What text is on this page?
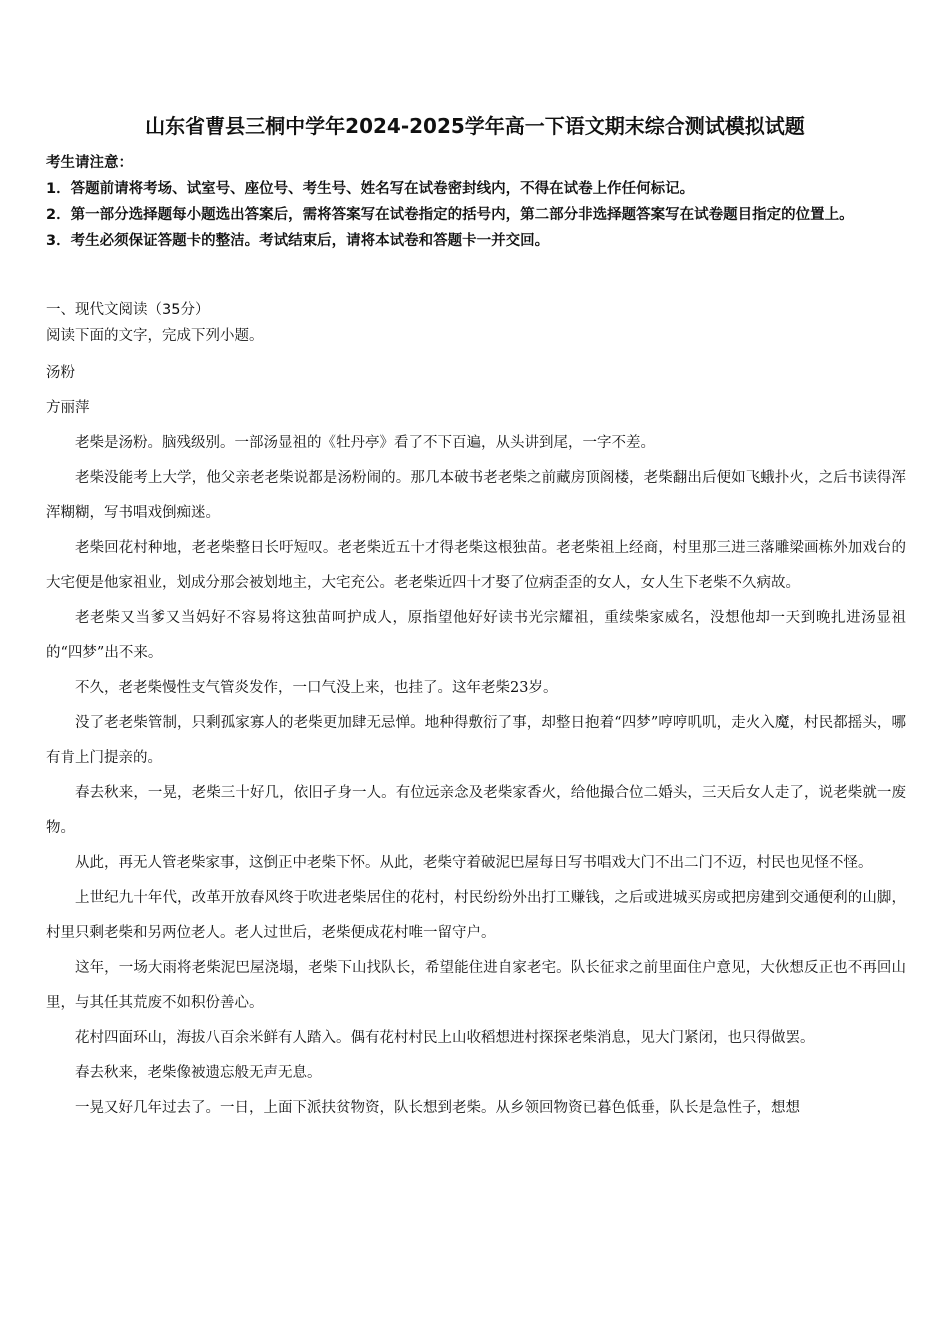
山东省曹县三桐中学年2024-2025学年高一下语文期末综合测试模拟试题

考生请注意：

1．答题前请将考场、试室号、座位号、考生号、姓名写在试卷密封线内，不得在试卷上作任何标记。

2．第一部分选择题每小题选出答案后，需将答案写在试卷指定的括号内，第二部分非选择题答案写在试卷题目指定的位置上。

3．考生必须保证答题卡的整洁。考试结束后，请将本试卷和答题卡一并交回。

一、现代文阅读（35分）

阅读下面的文字，完成下列小题。

汤粉

方丽萍

老柴是汤粉。脑残级别。一部汤显祖的《牡丹亭》看了不下百遍，从头讲到尾，一字不差。

老柴没能考上大学，他父亲老老柴说都是汤粉闹的。那几本破书老老柴之前藏房顶阁楼，老柴翻出后便如飞蛾扑火，之后书读得浑浑糊糊，写书唱戏倒痴迷。

老柴回花村种地，老老柴整日长吁短叹。老老柴近五十才得老柴这根独苗。老老柴祖上经商，村里那三进三落雕梁画栋外加戏台的大宅便是他家祖业，划成分那会被划地主，大宅充公。老老柴近四十才娶了位病歪歪的女人，女人生下老柴不久病故。

老老柴又当爹又当妈好不容易将这独苗呵护成人，原指望他好好读书光宗耀祖，重续柴家威名，没想他却一天到晚扎进汤显祖的“四梦”出不来。

不久，老老柴慢性支气管炎发作，一口气没上来，也挂了。这年老柴23岁。

没了老老柴管制，只剩孤家寡人的老柴更加肆无忌惮。地种得敷衍了事，却整日抱着“四梦”哼哼叽叽，走火入魔，村民都摇头，哪有肯上门提亲的。

春去秋来，一晃，老柴三十好几，依旧孑身一人。有位远亲念及老柴家香火，给他撮合位二婚头，三天后女人走了，说老柴就一废物。

从此，再无人管老柴家事，这倒正中老柴下怀。从此，老柴守着破泥巴屋每日写书唱戏大门不出二门不迈，村民也见怪不怪。

上世纪九十年代，改革开放春风终于吹进老柴居住的花村，村民纷纷外出打工赚钱，之后或进城买房或把房建到交通便利的山脚，村里只剩老柴和另两位老人。老人过世后，老柴便成花村唯一留守户。

这年，一场大雨将老柴泥巴屋浇塌，老柴下山找队长，希望能住进自家老宅。队长征求之前里面住户意见，大伙想反正也不再回山里，与其任其荒废不如积份善心。

花村四面环山，海拔八百余米鲜有人踏入。偶有花村村民上山收稻想进村探探老柴消息，见大门紧闭，也只得做罢。

春去秋来，老柴像被遗忘般无声无息。

一晃又好几年过去了。一日，上面下派扶贫物资，队长想到老柴。从乡领回物资已暮色低垂，队长是急性子，想想
